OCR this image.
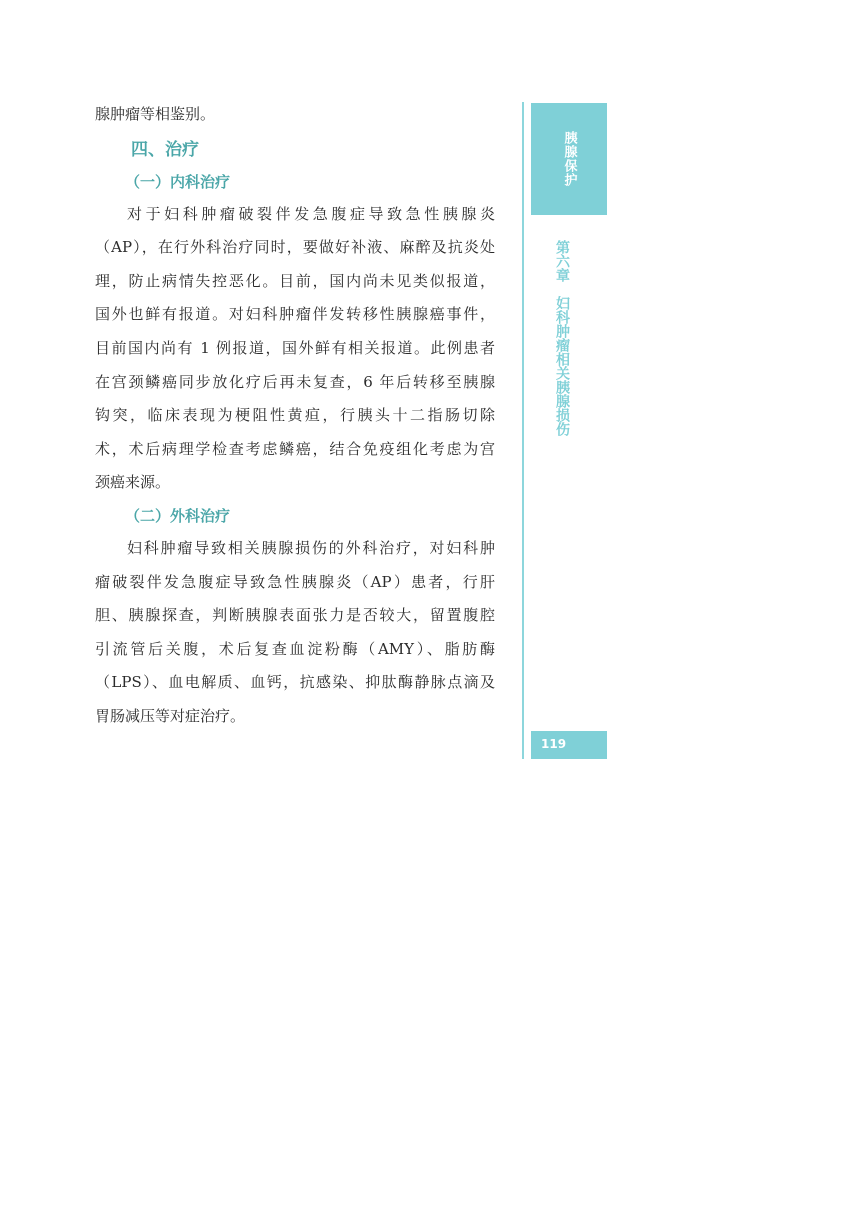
腺肿瘤等相鉴别。
四、治疗
（一）内科治疗
对于妇科肿瘤破裂伴发急腹症导致急性胰腺炎
（AP），在行外科治疗同时，要做好补液、麻醉及抗炎处
理，防止病情失控恶化。目前，国内尚未见类似报道，
国外也鲜有报道。对妇科肿瘤伴发转移性胰腺癌事件，
目前国内尚有 1 例报道，国外鲜有相关报道。此例患者
在宫颈鳞癌同步放化疗后再未复查，6 年后转移至胰腺
钩突，临床表现为梗阻性黄疸，行胰头十二指肠切除
术，术后病理学检查考虑鳞癌，结合免疫组化考虑为宫
颈癌来源。
（二）外科治疗
妇科肿瘤导致相关胰腺损伤的外科治疗，对妇科肿
瘤破裂伴发急腹症导致急性胰腺炎（AP）患者，行肝
胆、胰腺探查，判断胰腺表面张力是否较大，留置腹腔
引流管后关腹，术后复查血淀粉酶（AMY）、脂肪酶
（LPS）、血电解质、血钙，抗感染、抑肽酶静脉点滴及
胃肠减压等对症治疗。
胰腺保护
第六章妇科肿瘤相关胰腺损伤
119
